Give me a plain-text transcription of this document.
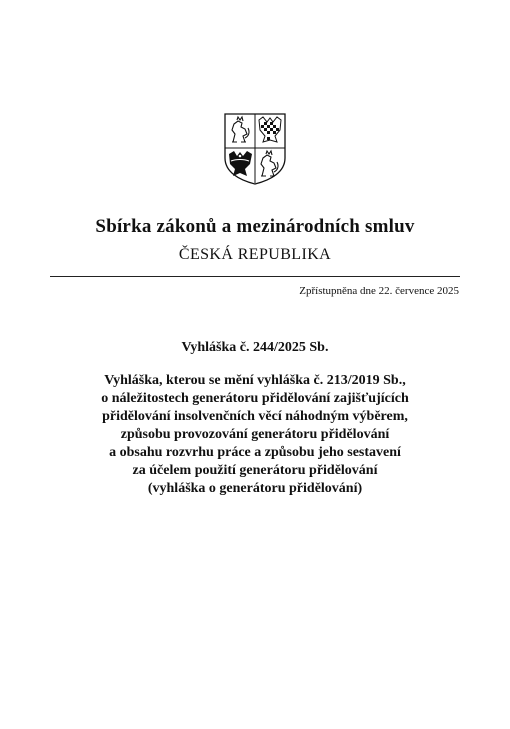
Sbírka zákonů a mezinárodních smluv
ČESKÁ REPUBLIKA
Zpřístupněna dne 22. července 2025
Vyhláška č. 244/2025 Sb.
Vyhláška, kterou se mění vyhláška č. 213/2019 Sb.,
o náležitostech generátoru přidělování zajišťujících
přidělování insolvenčních věcí náhodným výběrem,
způsobu provozování generátoru přidělování
a obsahu rozvrhu práce a způsobu jeho sestavení
za účelem použití generátoru přidělování
(vyhláška o generátoru přidělování)
